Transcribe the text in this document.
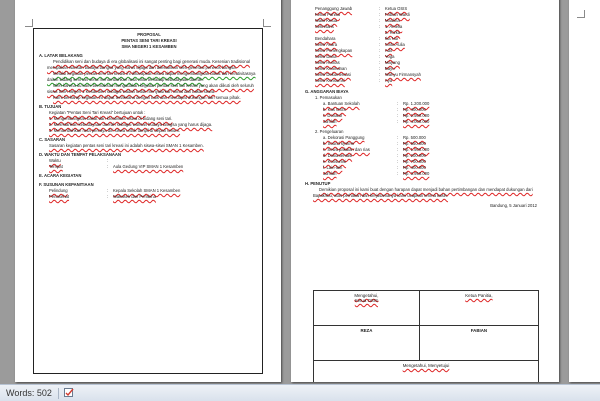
PROPOSAL
PENTAS SENI TARI KREASI
SMA NEGERI 1 KESAMBEN
A. LATAR BELAKANG
Pendidikan seni dan budaya di era globalisasi ini sangat penting bagi generasi muda. Kesenian tradisional merupakan warisan budaya bangsa yang harus dijaga dan dilestarikan oleh generasi penerus bangsa.
Melalui kegiatan pentas seni tari kreasi ini diharapkan siswa dapat mengembangkan bakat dan kreativitasnya dalam bidang seni tari serta menumbuhkan rasa cinta terhadap kebudayaan daerah.
Oleh karena itu kami bermaksud mengadakan kegiatan pentas seni tari kreasi yang akan diikuti oleh seluruh siswa SMA Negeri 1 Kesamben sebagai wadah untuk menyalurkan minat dan bakat siswa.
Kami berharap kegiatan ini dapat terlaksana dengan baik dan mendapat dukungan dari semua pihak.
B. TUJUAN
Kegiatan "Pentas Seni Tari Kreasi" bertujuan untuk :
1. Mengembangkan bakat dan kreativitas siswa di bidang seni tari.
2. Melestarikan kebudayaan daerah sebagai warisan budaya bangsa yang harus dijaga.
3. Menumbuhkan rasa percaya diri siswa untuk tampil di depan umum.
C. SASARAN
Sasaran kegiatan pentas seni tari kreasi ini adalah siswa-siswi SMAN 1 Kesamben.
D. WAKTU DAN TEMPAT PELAKSANAAN
Waktu	:
Tempat	:	Aula Gedung VIP SMAN 1 Kesamben
E. ACARA KEGIATAN
F. SUSUNAN KEPANITIAAN
Pelindung	:	Kepala Sekolah SMAN 1 Kesamben
Penasehat	:	Wakasek dan Pembina
Penanggung Jawab	:	Ketua OSIS
Ketua Panitia	:	Fabian Wardi
Wakil Ketua	:	Maulina
Sekretaris	:	1. Amelia
2. Rizka
Bendahara	:	Ika Nur
Seksi Acara	:	Sinta Aulia
Seksi Perlengkapan	:	Adit
Seksi Dana	:	Yoga
Seksi Humas	:	Mayang
Seksi Keamanan	:	Bayu
Seksi Dokumentasi	:	Wahyu Firmansyah
Seksi Konsumsi	:	Aya
G. ANGGARAN BIAYA
1. Pemasukan
a. Bantuan Sekolah	:	Rp. 1.200.000
b. Kas OSIS	:	Rp. 400.000
c. Donatur	:	Rp. 2.500.000
Jumlah	:	Rp. 4.000.000
2. Pengeluaran
a. Dekorasi Panggung	:	Rp. 500.000
b. Sound system	:	Rp. 550.000
c. Sewa pakaian dan rias	:	Rp. 1.500.000
d. Dokumentasi	:	Rp. 200.000
e. Konsumsi	:	Rp. 700.000
f. Lain-lain	:	Rp. 400.000
Jumlah	:	Rp. 3.950.000
H. PENUTUP
Demikian proposal ini kami buat dengan harapan dapat menjadi bahan pertimbangan dan mendapat dukungan dari Bapak/Ibu, atas perhatian dan kerjasamanya kami ucapkan terima kasih.
Bandung, 5 Januari 2012
Mengetahui,
Ketua OSIS	Ketua Panitia,

REZA	FABIAN
Mengetahui, Menyetujui	
Words: 502
